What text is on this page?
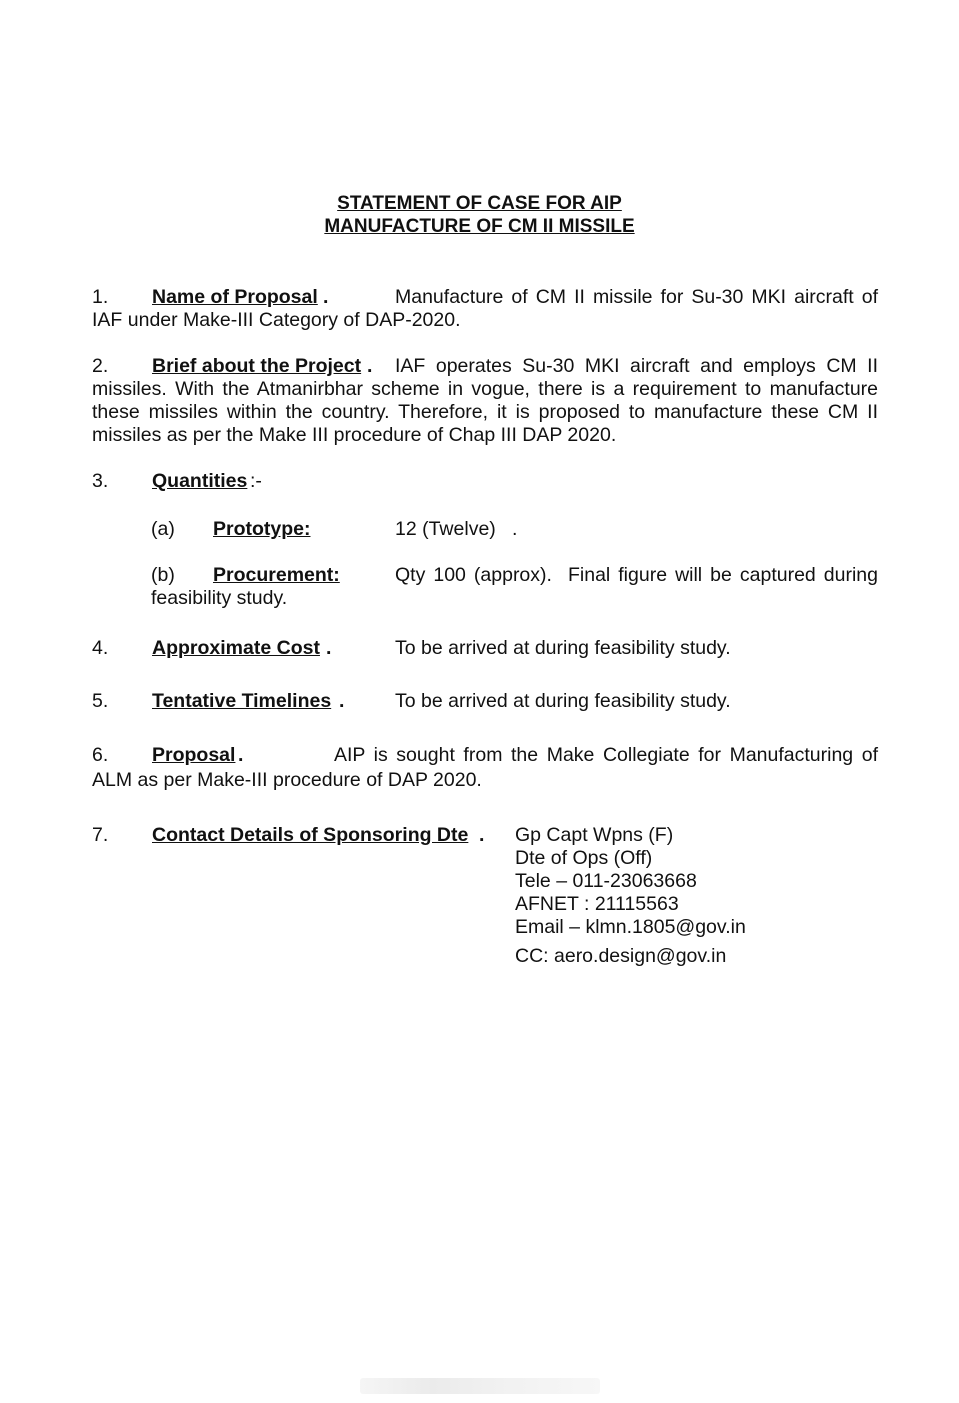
STATEMENT OF CASE FOR AIP
MANUFACTURE OF CM II MISSILE
1. Name of Proposal .	Manufacture of CM II missile for Su-30 MKI aircraft of
IAF under Make-III Category of DAP-2020.
2. Brief about the Project . IAF operates Su-30 MKI aircraft and employs CM II
missiles. With the Atmanirbhar scheme in vogue, there is a requirement to manufacture
these missiles within the country. Therefore, it is proposed to manufacture these CM II
missiles as per the Make III procedure of Chap III DAP 2020.
3. Quantities :-
(a) Prototype:	12 (Twelve)   .
(b) Procurement:	Qty 100 (approx).  Final figure will be captured during
feasibility study.
4. Approximate Cost .	To be arrived at during feasibility study.
5. Tentative Timelines .	To be arrived at during feasibility study.
6. Proposal .	AIP is sought from the Make Collegiate for Manufacturing of
ALM as per Make-III procedure of DAP 2020.
7. Contact Details of Sponsoring Dte . Gp Capt Wpns (F)
Dte of Ops (Off)
Tele – 011-23063668
AFNET : 21115563
Email – klmn.1805@gov.in
CC: aero.design@gov.in
